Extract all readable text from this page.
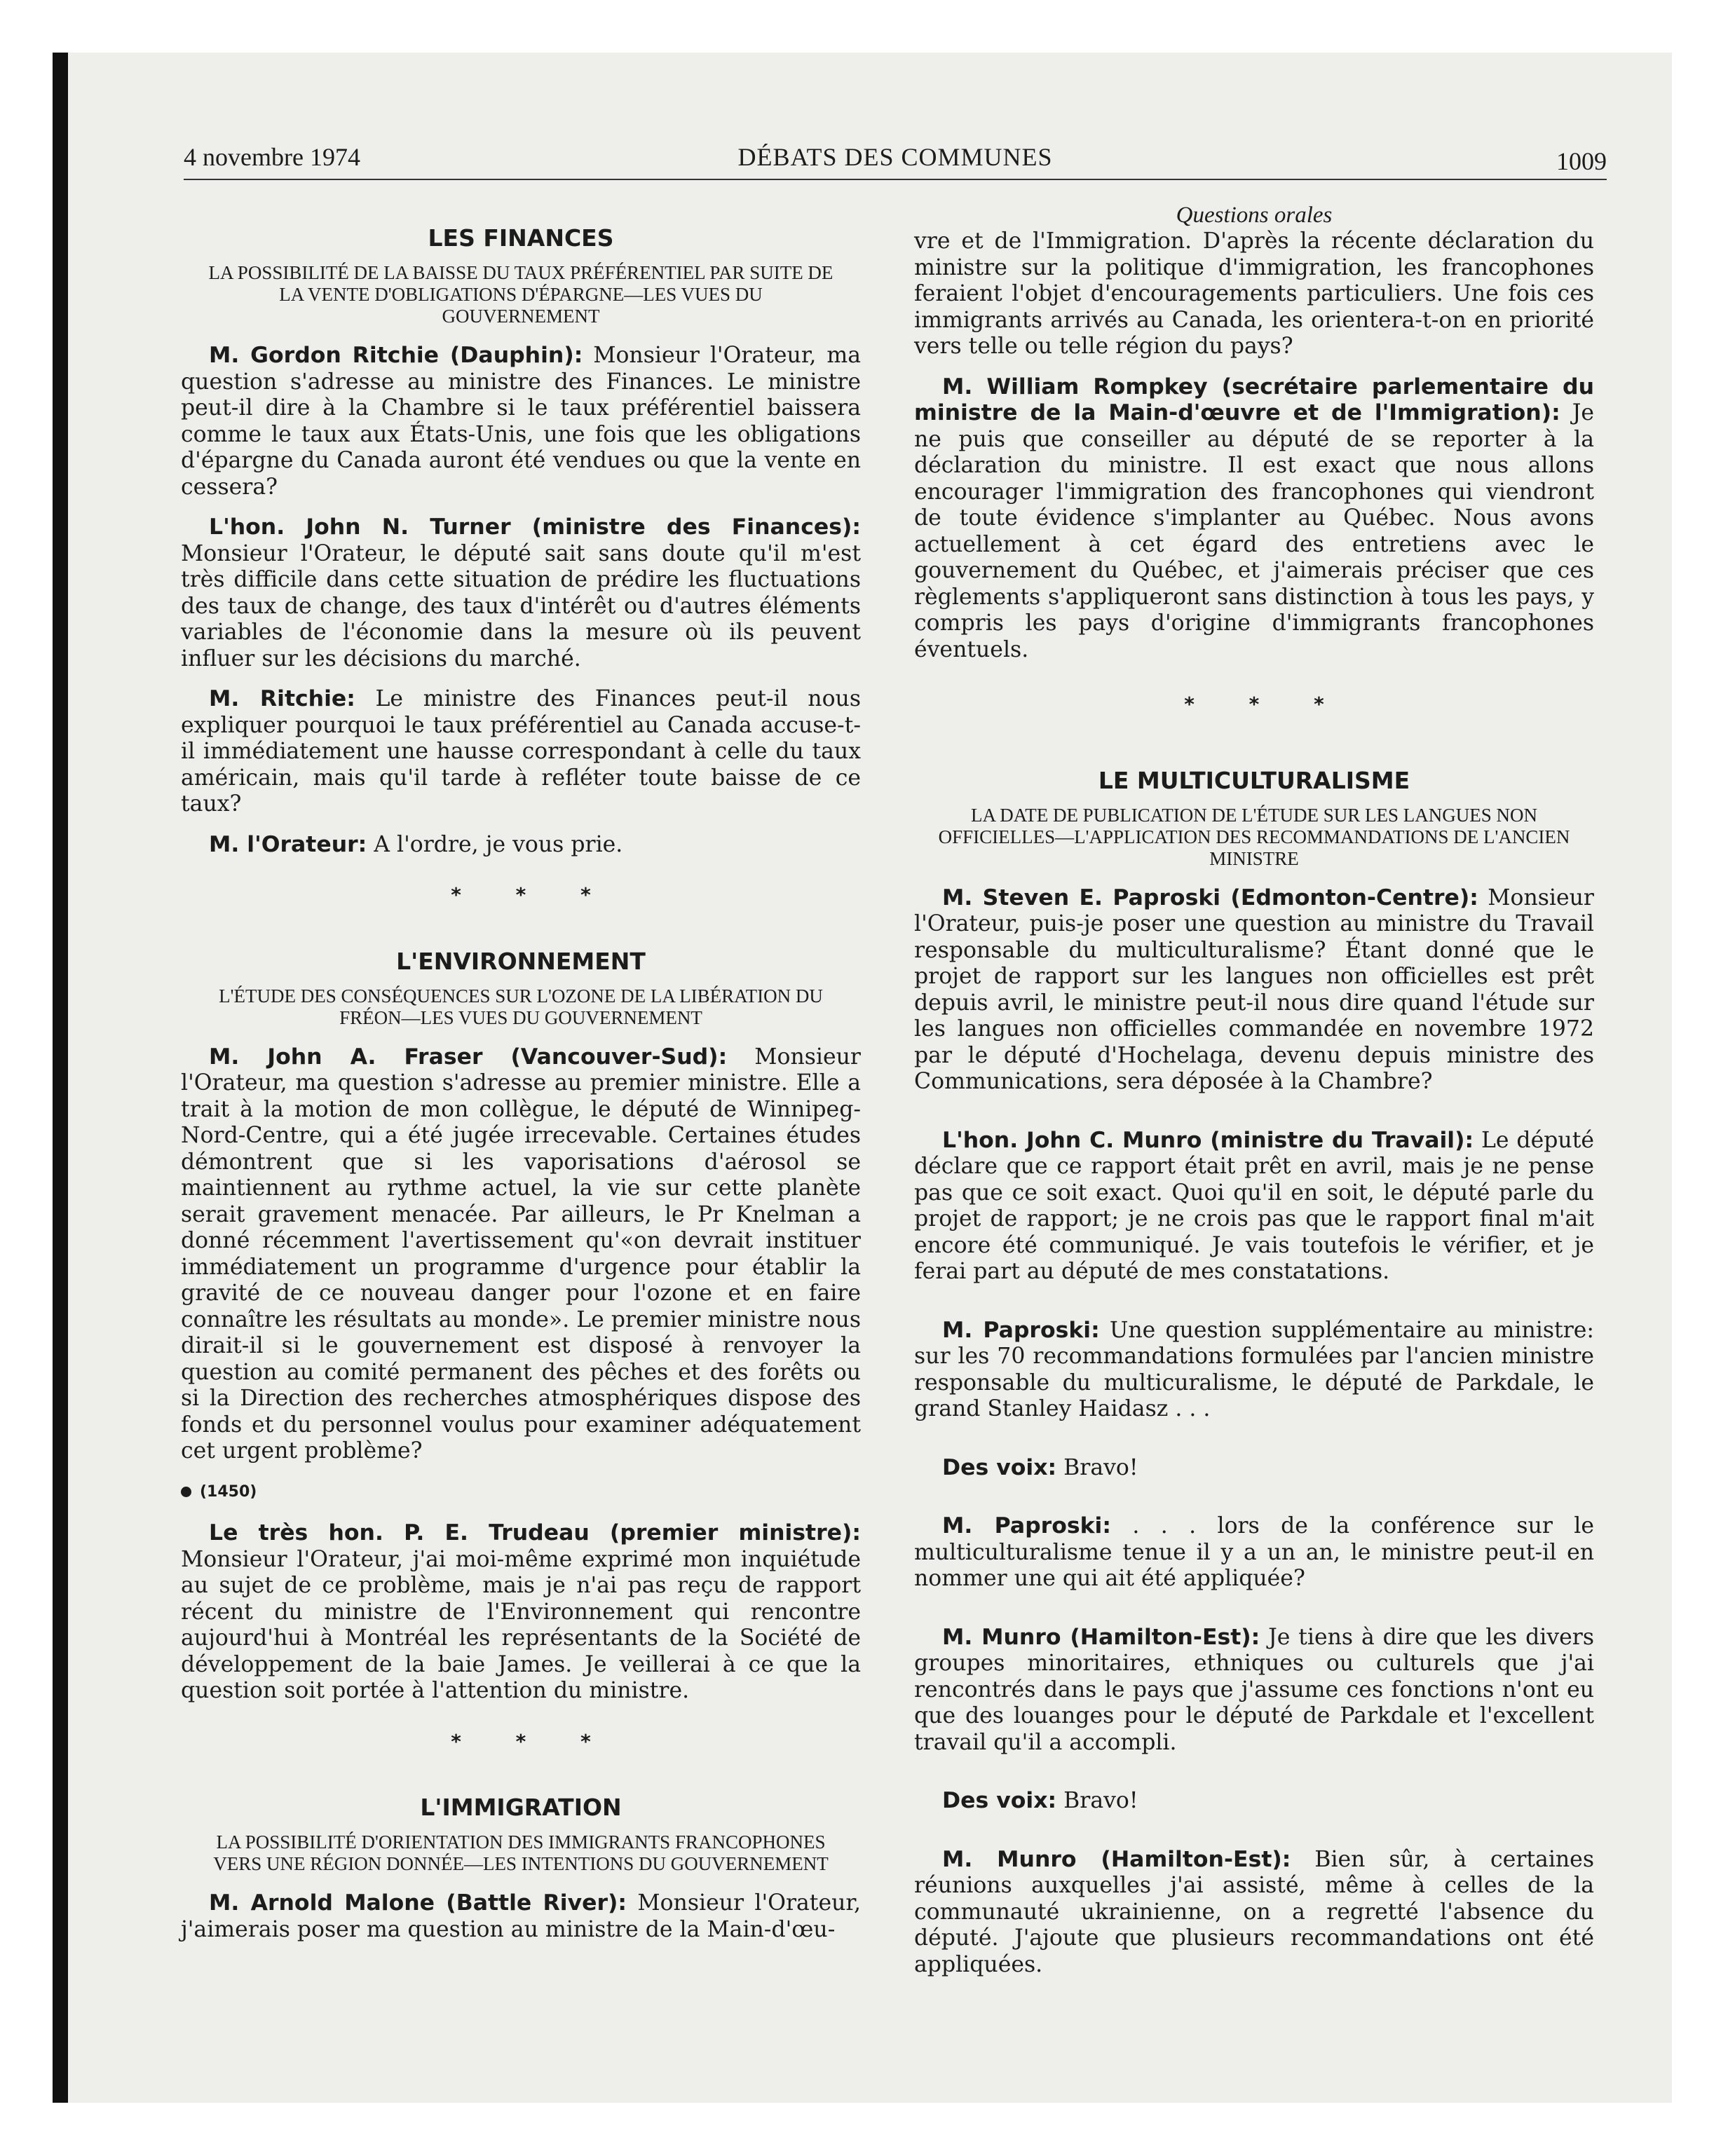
4 novembre 1974	DÉBATS DES COMMUNES	1009
LES FINANCES
LA POSSIBILITÉ DE LA BAISSE DU TAUX PRÉFÉRENTIEL PAR SUITE DE LA VENTE D'OBLIGATIONS D'ÉPARGNE—LES VUES DU GOUVERNEMENT

M. Gordon Ritchie (Dauphin): Monsieur l'Orateur, ma question s'adresse au ministre des Finances. Le ministre peut-il dire à la Chambre si le taux préférentiel baissera comme le taux aux États-Unis, une fois que les obligations d'épargne du Canada auront été vendues ou que la vente en cessera?

L'hon. John N. Turner (ministre des Finances): Monsieur l'Orateur, le député sait sans doute qu'il m'est très difficile dans cette situation de prédire les fluctuations des taux de change, des taux d'intérêt ou d'autres éléments variables de l'économie dans la mesure où ils peuvent influer sur les décisions du marché.

M. Ritchie: Le ministre des Finances peut-il nous expliquer pourquoi le taux préférentiel au Canada accuse-t-il immédiatement une hausse correspondant à celle du taux américain, mais qu'il tarde à refléter toute baisse de ce taux?

M. l'Orateur: A l'ordre, je vous prie.

* * *
L'ENVIRONNEMENT
L'ÉTUDE DES CONSÉQUENCES SUR L'OZONE DE LA LIBÉRATION DU FRÉON—LES VUES DU GOUVERNEMENT

M. John A. Fraser (Vancouver-Sud): Monsieur l'Orateur, ma question s'adresse au premier ministre. Elle a trait à la motion de mon collègue, le député de Winnipeg-Nord-Centre, qui a été jugée irrecevable. Certaines études démontrent que si les vaporisations d'aérosol se maintiennent au rythme actuel, la vie sur cette planète serait gravement menacée. Par ailleurs, le Pr Knelman a donné récemment l'avertissement qu'«on devrait instituer immédiatement un programme d'urgence pour établir la gravité de ce nouveau danger pour l'ozone et en faire connaître les résultats au monde». Le premier ministre nous dirait-il si le gouvernement est disposé à renvoyer la question au comité permanent des pêches et des forêts ou si la Direction des recherches atmosphériques dispose des fonds et du personnel voulus pour examiner adéquatement cet urgent problème?

(1450)

Le très hon. P. E. Trudeau (premier ministre): Monsieur l'Orateur, j'ai moi-même exprimé mon inquiétude au sujet de ce problème, mais je n'ai pas reçu de rapport récent du ministre de l'Environnement qui rencontre aujourd'hui à Montréal les représentants de la Société de développement de la baie James. Je veillerai à ce que la question soit portée à l'attention du ministre.

* * *
L'IMMIGRATION
LA POSSIBILITÉ D'ORIENTATION DES IMMIGRANTS FRANCOPHONES VERS UNE RÉGION DONNÉE—LES INTENTIONS DU GOUVERNEMENT

M. Arnold Malone (Battle River): Monsieur l'Orateur, j'aimerais poser ma question au ministre de la Main-d'œu-

Questions orales

vre et de l'Immigration. D'après la récente déclaration du ministre sur la politique d'immigration, les francophones feraient l'objet d'encouragements particuliers. Une fois ces immigrants arrivés au Canada, les orientera-t-on en priorité vers telle ou telle région du pays?

M. William Rompkey (secrétaire parlementaire du ministre de la Main-d'œuvre et de l'Immigration): Je ne puis que conseiller au député de se reporter à la déclaration du ministre. Il est exact que nous allons encourager l'immigration des francophones qui viendront de toute évidence s'implanter au Québec. Nous avons actuellement à cet égard des entretiens avec le gouvernement du Québec, et j'aimerais préciser que ces règlements s'appliqueront sans distinction à tous les pays, y compris les pays d'origine d'immigrants francophones éventuels.

* * *
LE MULTICULTURALISME
LA DATE DE PUBLICATION DE L'ÉTUDE SUR LES LANGUES NON OFFICIELLES—L'APPLICATION DES RECOMMANDATIONS DE L'ANCIEN MINISTRE

M. Steven E. Paproski (Edmonton-Centre): Monsieur l'Orateur, puis-je poser une question au ministre du Travail responsable du multiculturalisme? Étant donné que le projet de rapport sur les langues non officielles est prêt depuis avril, le ministre peut-il nous dire quand l'étude sur les langues non officielles commandée en novembre 1972 par le député d'Hochelaga, devenu depuis ministre des Communications, sera déposée à la Chambre?

L'hon. John C. Munro (ministre du Travail): Le député déclare que ce rapport était prêt en avril, mais je ne pense pas que ce soit exact. Quoi qu'il en soit, le député parle du projet de rapport; je ne crois pas que le rapport final m'ait encore été communiqué. Je vais toutefois le vérifier, et je ferai part au député de mes constatations.

M. Paproski: Une question supplémentaire au ministre: sur les 70 recommandations formulées par l'ancien ministre responsable du multicuralisme, le député de Parkdale, le grand Stanley Haidasz . . .

Des voix: Bravo!

M. Paproski: . . . lors de la conférence sur le multiculturalisme tenue il y a un an, le ministre peut-il en nommer une qui ait été appliquée?

M. Munro (Hamilton-Est): Je tiens à dire que les divers groupes minoritaires, ethniques ou culturels que j'ai rencontrés dans le pays que j'assume ces fonctions n'ont eu que des louanges pour le député de Parkdale et l'excellent travail qu'il a accompli.

Des voix: Bravo!

M. Munro (Hamilton-Est): Bien sûr, à certaines réunions auxquelles j'ai assisté, même à celles de la communauté ukrainienne, on a regretté l'absence du député. J'ajoute que plusieurs recommandations ont été appliquées.
